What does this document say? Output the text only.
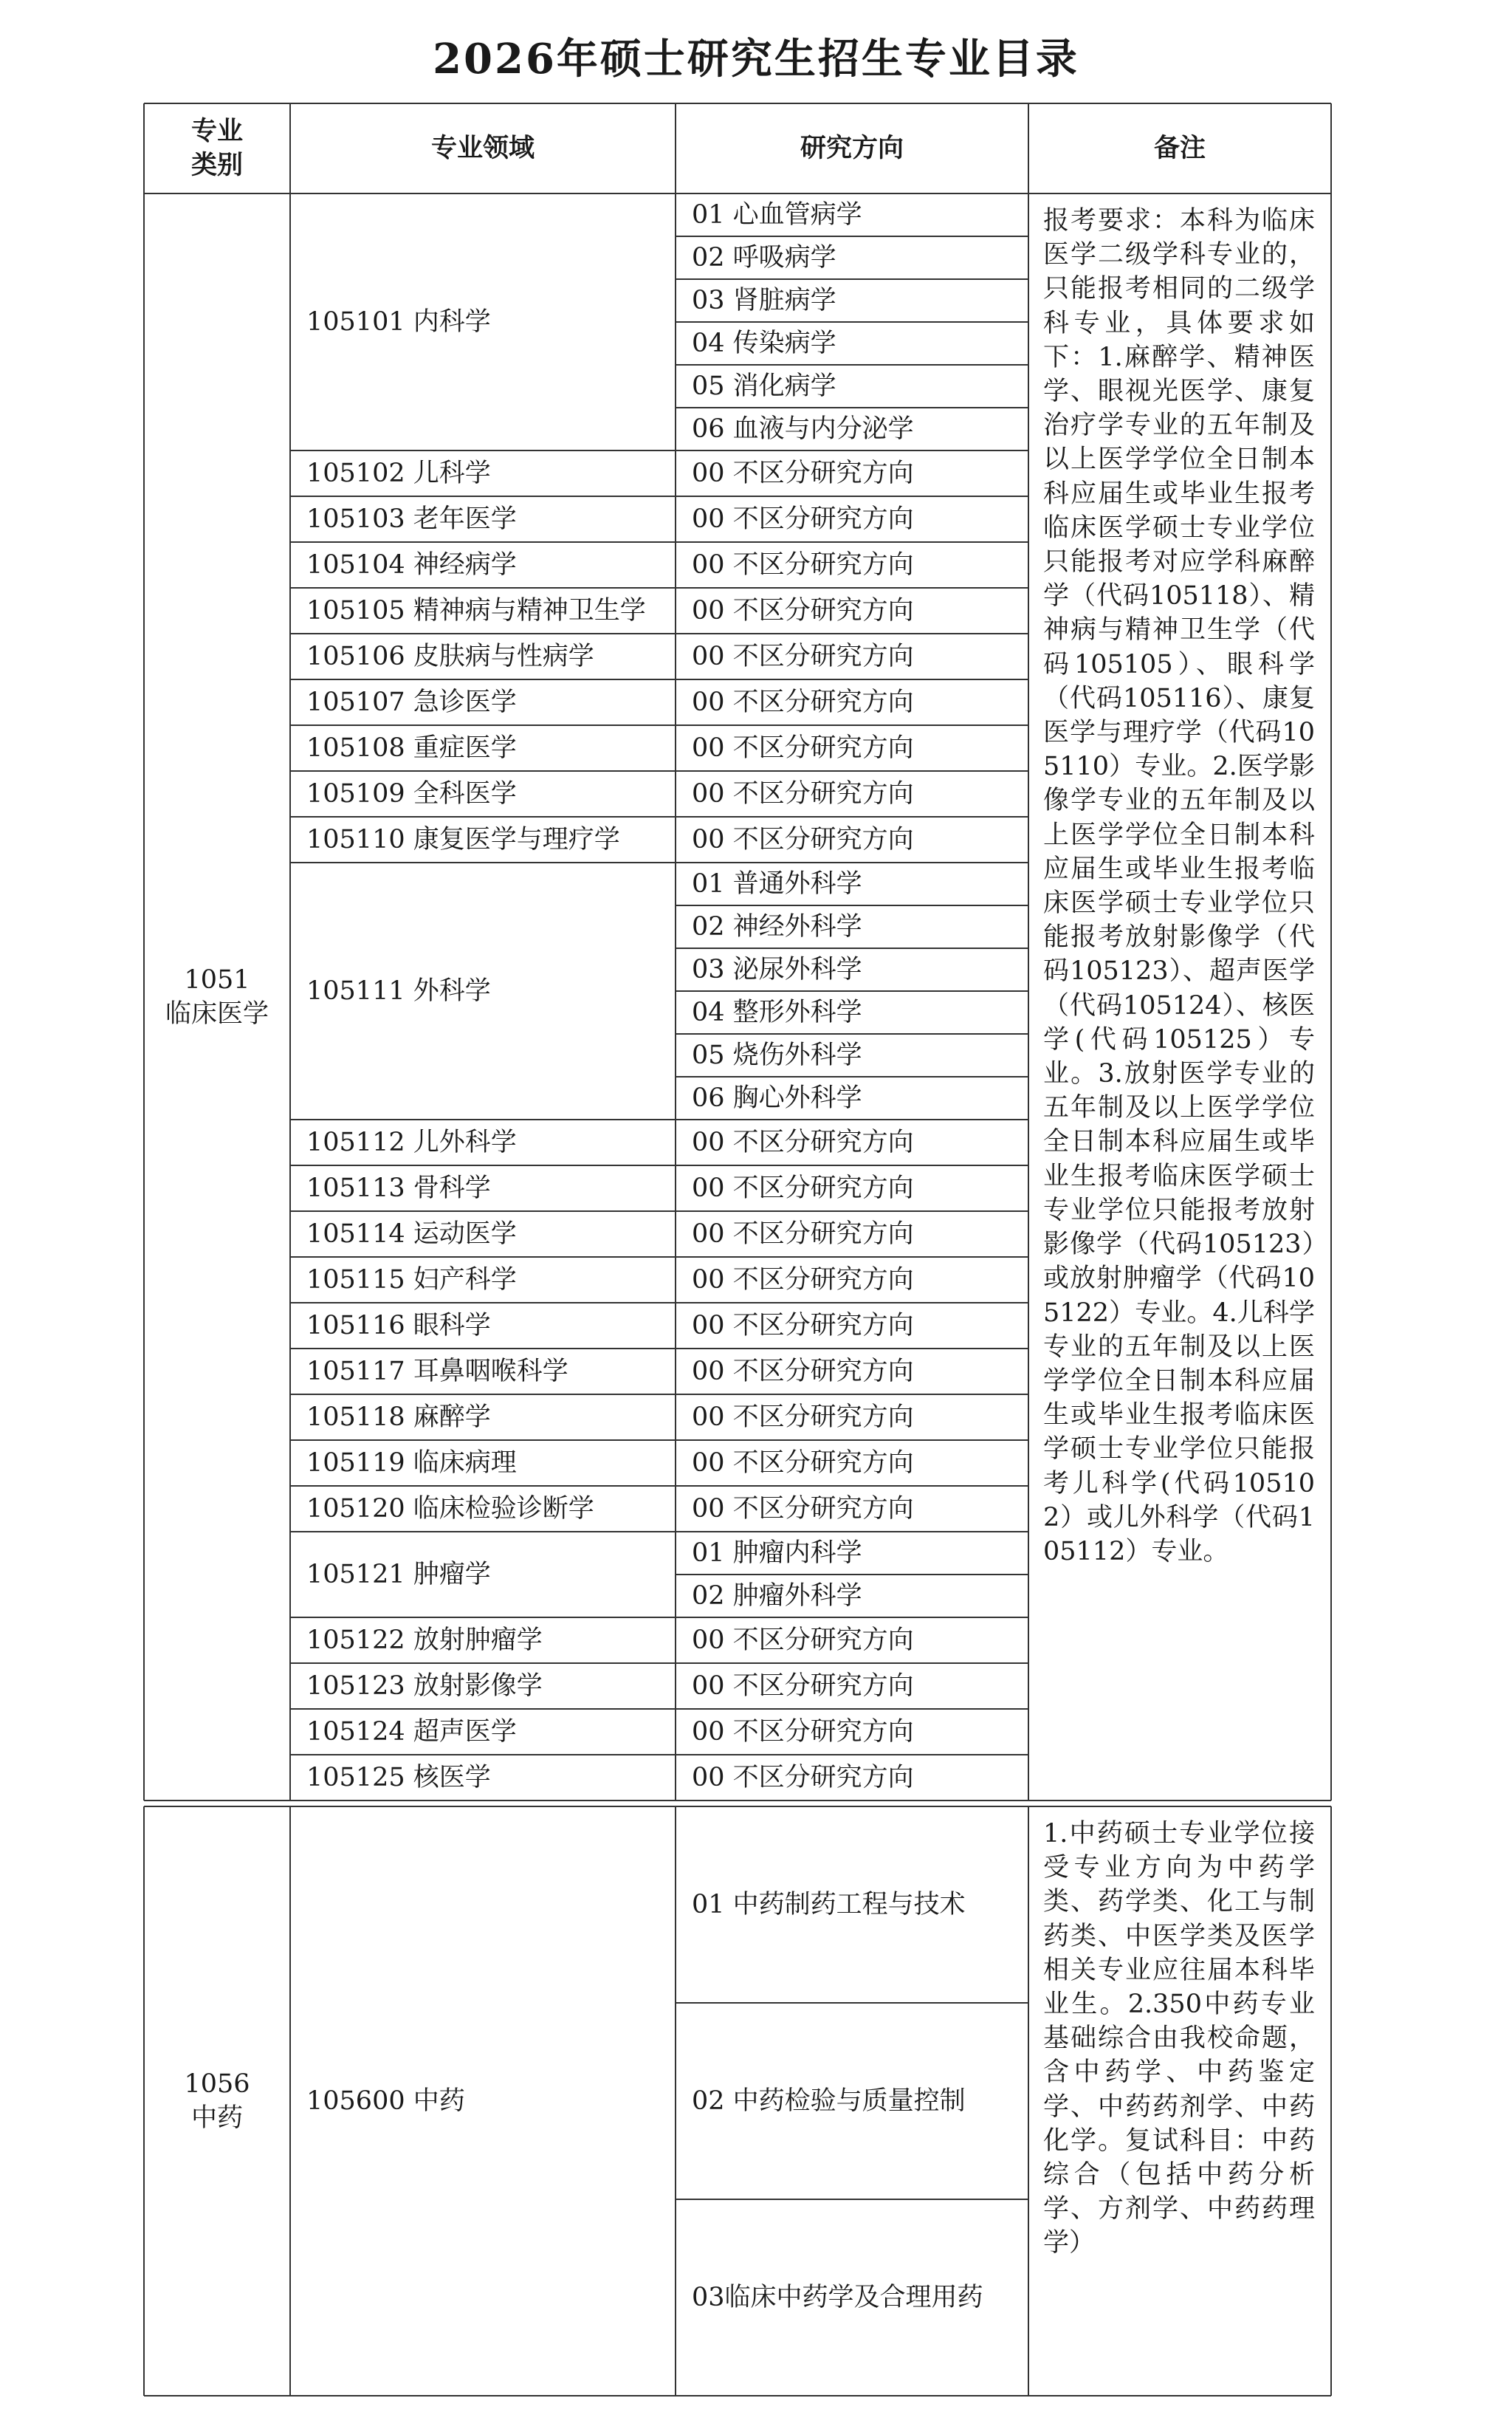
2026年硕士研究生招生专业目录
专业
类别
专业领域	研究方向	备注
01 心血管病学
02 呼吸病学
03 肾脏病学
04 传染病学
05 消化病学
06 血液与内分泌学
105101 内科学
00 不区分研究方向
105102 儿科学
00 不区分研究方向
105103 老年医学
00 不区分研究方向
105104 神经病学
00 不区分研究方向
105105 精神病与精神卫生学
00 不区分研究方向
105106 皮肤病与性病学
00 不区分研究方向
105107 急诊医学
00 不区分研究方向
105108 重症医学
00 不区分研究方向
105109 全科医学
00 不区分研究方向
105110 康复医学与理疗学
01 普通外科学
02 神经外科学
03 泌尿外科学
04 整形外科学
05 烧伤外科学
06 胸心外科学
105111 外科学
00 不区分研究方向
105112 儿外科学
00 不区分研究方向
105113 骨科学
00 不区分研究方向
105114 运动医学
00 不区分研究方向
105115 妇产科学
00 不区分研究方向
105116 眼科学
00 不区分研究方向
105117 耳鼻咽喉科学
00 不区分研究方向
105118 麻醉学
00 不区分研究方向
105119 临床病理
00 不区分研究方向
105120 临床检验诊断学
01 肿瘤内科学
02 肿瘤外科学
105121 肿瘤学
00 不区分研究方向
105122 放射肿瘤学
00 不区分研究方向
105123 放射影像学
00 不区分研究方向
105124 超声医学
00 不区分研究方向
105125 核医学
1051
临床医学
报考要求：本科为临床医学二级学科专业的，只能报考相同的二级学科专业，具体要求如下：1.麻醉学、精神医学、眼视光医学、康复治疗学专业的五年制及以上医学学位全日制本科应届生或毕业生报考临床医学硕士专业学位只能报考对应学科麻醉学（代码105118）、精神病与精神卫生学（代码105105）、眼科学（代码105116）、康复医学与理疗学（代码105110）专业。2.医学影像学专业的五年制及以上医学学位全日制本科应届生或毕业生报考临床医学硕士专业学位只能报考放射影像学（代码105123）、超声医学（代码105124）、核医学(代码105125）专业。3.放射医学专业的五年制及以上医学学位全日制本科应届生或毕业生报考临床医学硕士专业学位只能报考放射影像学（代码105123）或放射肿瘤学（代码105122）专业。4.儿科学专业的五年制及以上医学学位全日制本科应届生或毕业生报考临床医学硕士专业学位只能报考儿科学(代码105102）或儿外科学（代码105112）专业。
01 中药制药工程与技术
02 中药检验与质量控制
03临床中药学及合理用药
105600 中药
1056
中药
1.中药硕士专业学位接受专业方向为中药学类、药学类、化工与制药类、中医学类及医学相关专业应往届本科毕业生。2.350中药专业基础综合由我校命题，含中药学、中药鉴定学、中药药剂学、中药化学。复试科目：中药综合（包括中药分析学、方剂学、中药药理学）
